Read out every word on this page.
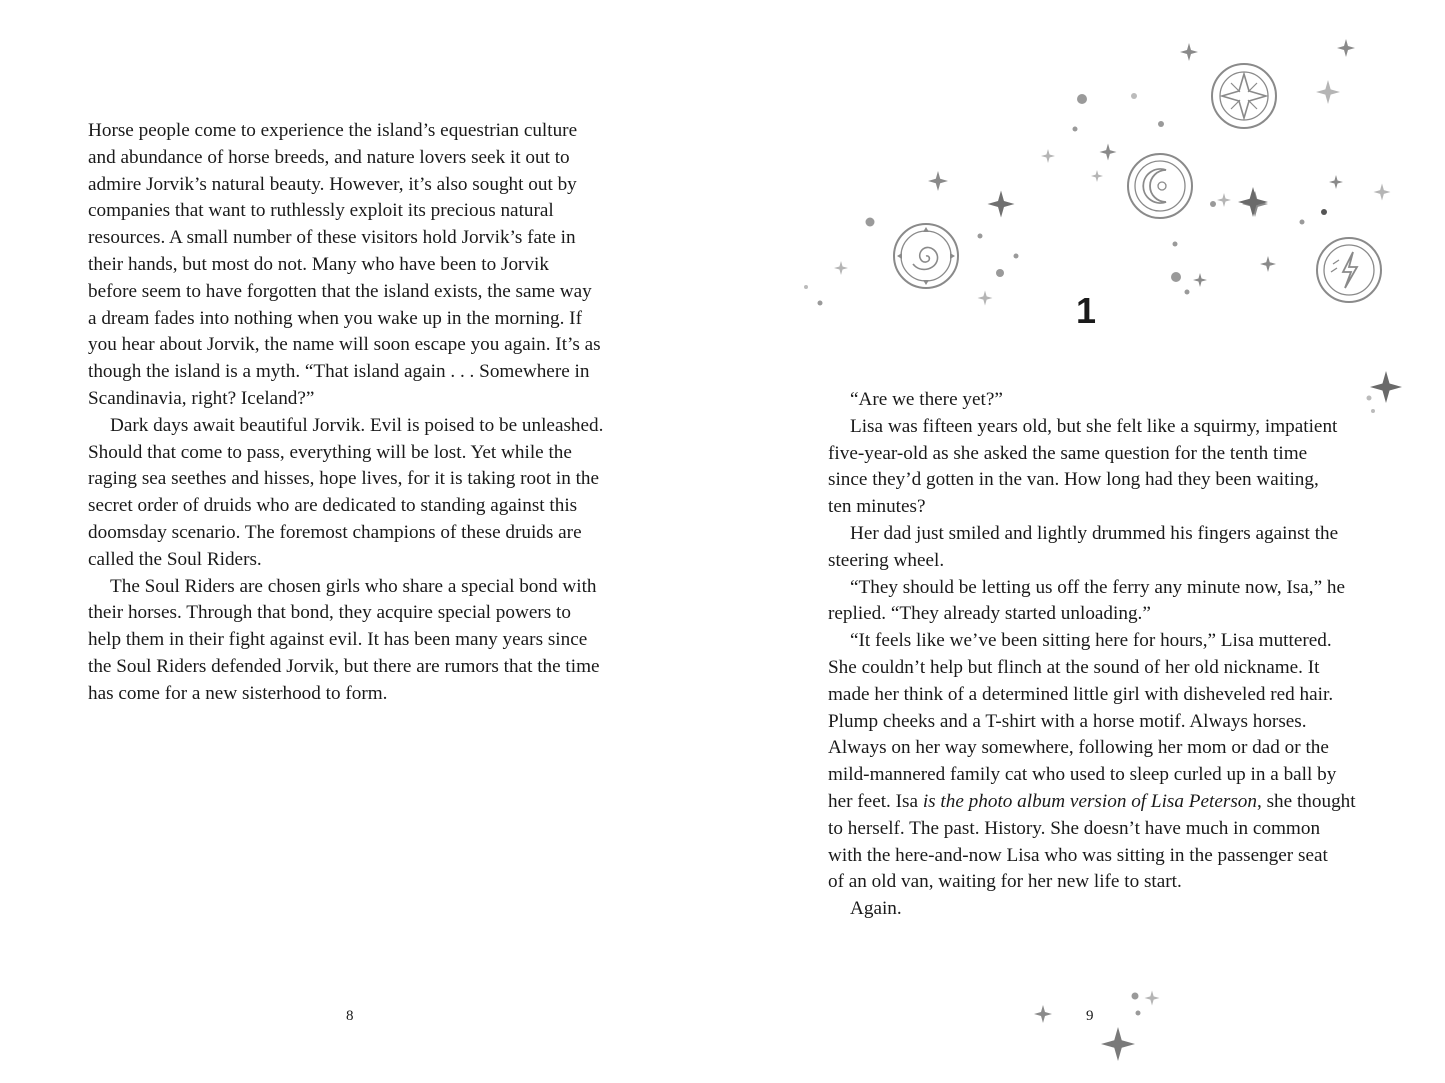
Horse people come to experience the island’s equestrian culture
and abundance of horse breeds, and nature lovers seek it out to
admire Jorvik’s natural beauty. However, it’s also sought out by
companies that want to ruthlessly exploit its precious natural
resources. A small number of these visitors hold Jorvik’s fate in
their hands, but most do not. Many who have been to Jorvik
before seem to have forgotten that the island exists, the same way
a dream fades into nothing when you wake up in the morning. If
you hear about Jorvik, the name will soon escape you again. It’s as
though the island is a myth. “That island again . . . Somewhere in
Scandinavia, right? Iceland?”
Dark days await beautiful Jorvik. Evil is poised to be unleashed.
Should that come to pass, everything will be lost. Yet while the
raging sea seethes and hisses, hope lives, for it is taking root in the
secret order of druids who are dedicated to standing against this
doomsday scenario. The foremost champions of these druids are
called the Soul Riders.
The Soul Riders are chosen girls who share a special bond with
their horses. Through that bond, they acquire special powers to
help them in their fight against evil. It has been many years since
the Soul Riders defended Jorvik, but there are rumors that the time
has come for a new sisterhood to form.
8
1
“Are we there yet?”
Lisa was fifteen years old, but she felt like a squirmy, impatient
five-year-old as she asked the same question for the tenth time
since they’d gotten in the van. How long had they been waiting,
ten minutes?
Her dad just smiled and lightly drummed his fingers against the
steering wheel.
“They should be letting us off the ferry any minute now, Isa,” he
replied. “They already started unloading.”
“It feels like we’ve been sitting here for hours,” Lisa muttered.
She couldn’t help but flinch at the sound of her old nickname. It
made her think of a determined little girl with disheveled red hair.
Plump cheeks and a T-shirt with a horse motif. Always horses.
Always on her way somewhere, following her mom or dad or the
mild-mannered family cat who used to sleep curled up in a ball by
her feet. Isa is the photo album version of Lisa Peterson, she thought
to herself. The past. History. She doesn’t have much in common
with the here-and-now Lisa who was sitting in the passenger seat
of an old van, waiting for her new life to start.
Again.
9
